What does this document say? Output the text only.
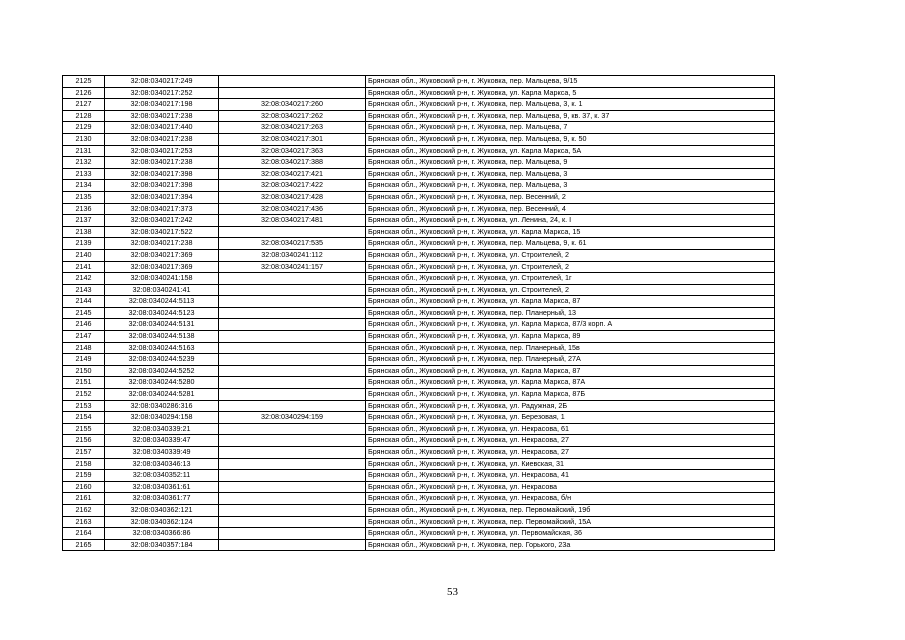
2125	32:08:0340217:249		Брянская обл., Жуковский р-н, г. Жуковка, пер. Мальцева, 9/15
2126	32:08:0340217:252		Брянская обл., Жуковский р-н, г. Жуковка, ул. Карла Маркса, 5
2127	32:08:0340217:198	32:08:0340217:260	Брянская обл., Жуковский р-н, г. Жуковка, пер. Мальцева, 3, к. 1
2128	32:08:0340217:238	32:08:0340217:262	Брянская обл., Жуковский р-н, г. Жуковка, пер. Мальцева, 9, кв. 37, к. 37
2129	32:08:0340217:440	32:08:0340217:263	Брянская обл., Жуковский р-н, г. Жуковка, пер. Мальцева, 7
2130	32:08:0340217:238	32:08:0340217:301	Брянская обл., Жуковский р-н, г. Жуковка, пер. Мальцева, 9, к. 50
2131	32:08:0340217:253	32:08:0340217:363	Брянская обл., Жуковский р-н, г. Жуковка, ул. Карла Маркса, 5А
2132	32:08:0340217:238	32:08:0340217:388	Брянская обл., Жуковский р-н, г. Жуковка, пер. Мальцева, 9
2133	32:08:0340217:398	32:08:0340217:421	Брянская обл., Жуковский р-н, г. Жуковка, пер. Мальцева, 3
2134	32:08:0340217:398	32:08:0340217:422	Брянская обл., Жуковский р-н, г. Жуковка, пер. Мальцева, 3
2135	32:08:0340217:394	32:08:0340217:428	Брянская обл., Жуковский р-н, г. Жуковка, пер. Весенний, 2
2136	32:08:0340217:373	32:08:0340217:436	Брянская обл., Жуковский р-н, г. Жуковка, пер. Весенний, 4
2137	32:08:0340217:242	32:08:0340217:481	Брянская обл., Жуковский р-н, г. Жуковка, ул. Ленина, 24, к. I
2138	32:08:0340217:522		Брянская обл., Жуковский р-н, г. Жуковка, ул. Карла Маркса, 15
2139	32:08:0340217:238	32:08:0340217:535	Брянская обл., Жуковский р-н, г. Жуковка, пер. Мальцева, 9, к. 61
2140	32:08:0340217:369	32:08:0340241:112	Брянская обл., Жуковский р-н, г. Жуковка, ул. Строителей, 2
2141	32:08:0340217:369	32:08:0340241:157	Брянская обл., Жуковский р-н, г. Жуковка, ул. Строителей, 2
2142	32:08:0340241:158		Брянская обл., Жуковский р-н, г. Жуковка, ул. Строителей, 1г
2143	32:08:0340241:41		Брянская обл., Жуковский р-н, г. Жуковка, ул. Строителей, 2
2144	32:08:0340244:5113		Брянская обл., Жуковский р-н, г. Жуковка, ул. Карла Маркса, 87
2145	32:08:0340244:5123		Брянская обл., Жуковский р-н, г. Жуковка, пер. Планерный, 13
2146	32:08:0340244:5131		Брянская обл., Жуковский р-н, г. Жуковка, ул. Карла Маркса, 87/3 корп. А
2147	32:08:0340244:5138		Брянская обл., Жуковский р-н, г. Жуковка, ул. Карла Маркса, 89
2148	32:08:0340244:5163		Брянская обл., Жуковский р-н, г. Жуковка, пер. Планерный, 15в
2149	32:08:0340244:5239		Брянская обл., Жуковский р-н, г. Жуковка, пер. Планерный, 27А
2150	32:08:0340244:5252		Брянская обл., Жуковский р-н, г. Жуковка, ул. Карла Маркса, 87
2151	32:08:0340244:5280		Брянская обл., Жуковский р-н, г. Жуковка, ул. Карла Маркса, 87А
2152	32:08:0340244:5281		Брянская обл., Жуковский р-н, г. Жуковка, ул. Карла Маркса, 87Б
2153	32:08:0340286:316		Брянская обл., Жуковский р-н, г. Жуковка, ул. Радужная, 2Б
2154	32:08:0340294:158	32:08:0340294:159	Брянская обл., Жуковский р-н, г. Жуковка, ул. Березовая, 1
2155	32:08:0340339:21		Брянская обл., Жуковский р-н, г. Жуковка, ул. Некрасова, 61
2156	32:08:0340339:47		Брянская обл., Жуковский р-н, г. Жуковка, ул. Некрасова, 27
2157	32:08:0340339:49		Брянская обл., Жуковский р-н, г. Жуковка, ул. Некрасова, 27
2158	32:08:0340346:13		Брянская обл., Жуковский р-н, г. Жуковка, ул. Киевская, 31
2159	32:08:0340352:11		Брянская обл., Жуковский р-н, г. Жуковка, ул. Некрасова, 41
2160	32:08:0340361:61		Брянская обл., Жуковский р-н, г. Жуковка, ул. Некрасова
2161	32:08:0340361:77		Брянская обл., Жуковский р-н, г. Жуковка, ул. Некрасова, б/н
2162	32:08:0340362:121		Брянская обл., Жуковский р-н, г. Жуковка, пер. Первомайский, 19б
2163	32:08:0340362:124		Брянская обл., Жуковский р-н, г. Жуковка, пер. Первомайский, 15А
2164	32:08:0340366:86		Брянская обл., Жуковский р-н, г. Жуковка, ул. Первомайская, 36
2165	32:08:0340357:184		Брянская обл., Жуковский р-н, г. Жуковка, пер. Горького, 23а
53
